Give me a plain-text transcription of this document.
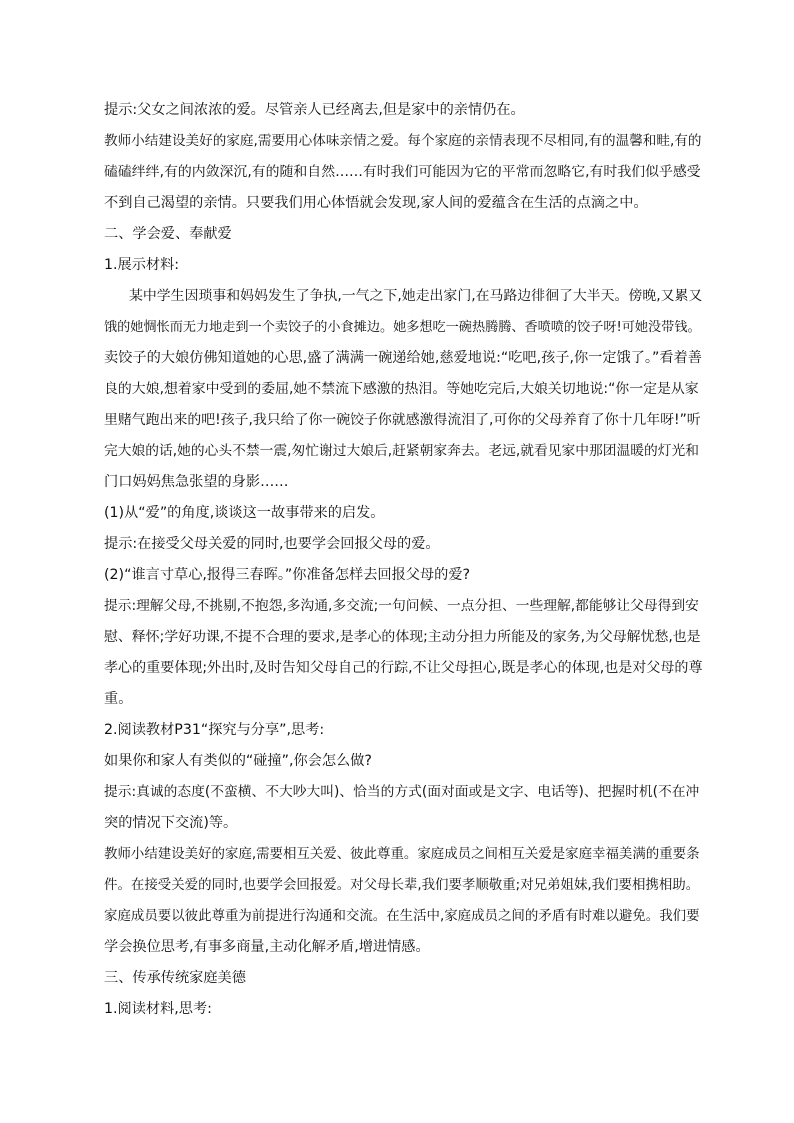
提示:父女之间浓浓的爱。尽管亲人已经离去,但是家中的亲情仍在。
教师小结建设美好的家庭,需要用心体味亲情之爱。每个家庭的亲情表现不尽相同,有的温馨和畦,有的
磕磕绊绊,有的内敛深沉,有的随和自然……有时我们可能因为它的平常而忽略它,有时我们似乎感受
不到自己渴望的亲情。只要我们用心体悟就会发现,家人间的爱蕴含在生活的点滴之中。
二、学会爱、奉献爱
1.展示材料:
某中学生因琐事和妈妈发生了争执,一气之下,她走出家门,在马路边徘徊了大半天。傍晚,又累又
饿的她惆怅而无力地走到一个卖饺子的小食摊边。她多想吃一碗热腾腾、香喷喷的饺子呀!可她没带钱。
卖饺子的大娘仿佛知道她的心思,盛了满满一碗递给她,慈爱地说:“吃吧,孩子,你一定饿了。”看着善
良的大娘,想着家中受到的委屈,她不禁流下感激的热泪。等她吃完后,大娘关切地说:“你一定是从家
里赌气跑出来的吧!孩子,我只给了你一碗饺子你就感激得流泪了,可你的父母养育了你十几年呀!”听
完大娘的话,她的心头不禁一震,匆忙谢过大娘后,赶紧朝家奔去。老远,就看见家中那团温暖的灯光和
门口妈妈焦急张望的身影……
(1)从“爱”的角度,谈谈这一故事带来的启发。
提示:在接受父母关爱的同时,也要学会回报父母的爱。
(2)“谁言寸草心,报得三春晖。”你准备怎样去回报父母的爱?
提示:理解父母,不挑剔,不抱怨,多沟通,多交流;一句问候、一点分担、一些理解,都能够让父母得到安
慰、释怀;学好功课,不提不合理的要求,是孝心的体现;主动分担力所能及的家务,为父母解忧愁,也是
孝心的重要体现;外出时,及时告知父母自己的行踪,不让父母担心,既是孝心的体现,也是对父母的尊
重。
2.阅读教材P31“探究与分享”,思考:
如果你和家人有类似的“碰撞”,你会怎么做?
提示:真诚的态度(不蛮横、不大吵大叫)、恰当的方式(面对面或是文字、电话等)、把握时机(不在冲
突的情况下交流)等。
教师小结建设美好的家庭,需要相互关爱、彼此尊重。家庭成员之间相互关爱是家庭幸福美满的重要条
件。在接受关爱的同时,也要学会回报爱。对父母长辈,我们要孝顺敬重;对兄弟姐妹,我们要相携相助。
家庭成员要以彼此尊重为前提进行沟通和交流。在生活中,家庭成员之间的矛盾有时难以避免。我们要
学会换位思考,有事多商量,主动化解矛盾,增进情感。
三、传承传统家庭美德
1.阅读材料,思考:
